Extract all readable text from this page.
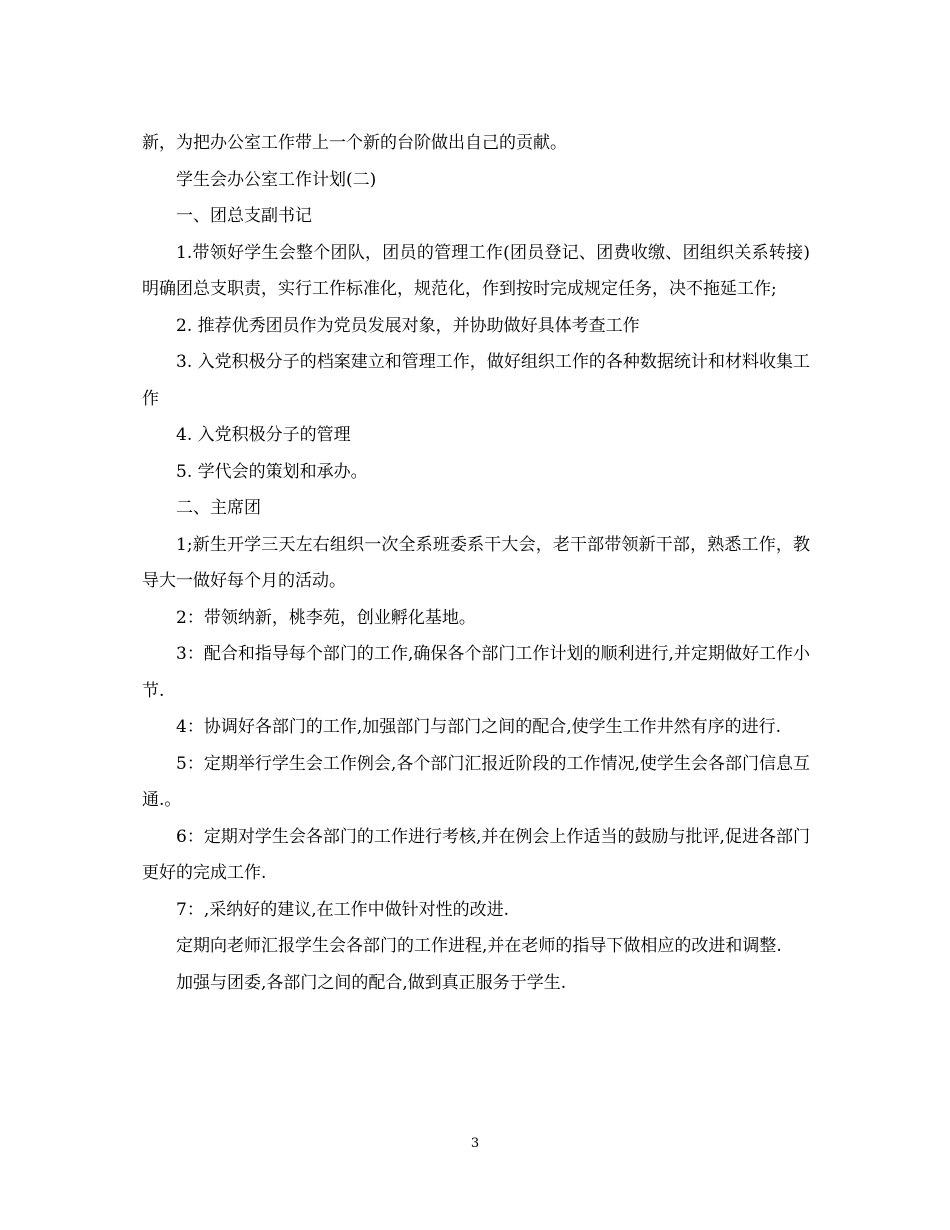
新，为把办公室工作带上一个新的台阶做出自己的贡献。

学生会办公室工作计划(二)

一、团总支副书记

1.带领好学生会整个团队，团员的管理工作(团员登记、团费收缴、团组织关系转接)明确团总支职责，实行工作标准化，规范化，作到按时完成规定任务，决不拖延工作;

2. 推荐优秀团员作为党员发展对象，并协助做好具体考查工作

3. 入党积极分子的档案建立和管理工作，做好组织工作的各种数据统计和材料收集工作

4. 入党积极分子的管理

5. 学代会的策划和承办。

二、主席团

1;新生开学三天左右组织一次全系班委系干大会，老干部带领新干部，熟悉工作，教导大一做好每个月的活动。

2：带领纳新，桃李苑，创业孵化基地。

3：配合和指导每个部门的工作,确保各个部门工作计划的顺利进行,并定期做好工作小节.

4：协调好各部门的工作,加强部门与部门之间的配合,使学生工作井然有序的进行.

5：定期举行学生会工作例会,各个部门汇报近阶段的工作情况,使学生会各部门信息互通.。

6：定期对学生会各部门的工作进行考核,并在例会上作适当的鼓励与批评,促进各部门更好的完成工作.

7：,采纳好的建议,在工作中做针对性的改进.

定期向老师汇报学生会各部门的工作进程,并在老师的指导下做相应的改进和调整.

加强与团委,各部门之间的配合,做到真正服务于学生.

3
